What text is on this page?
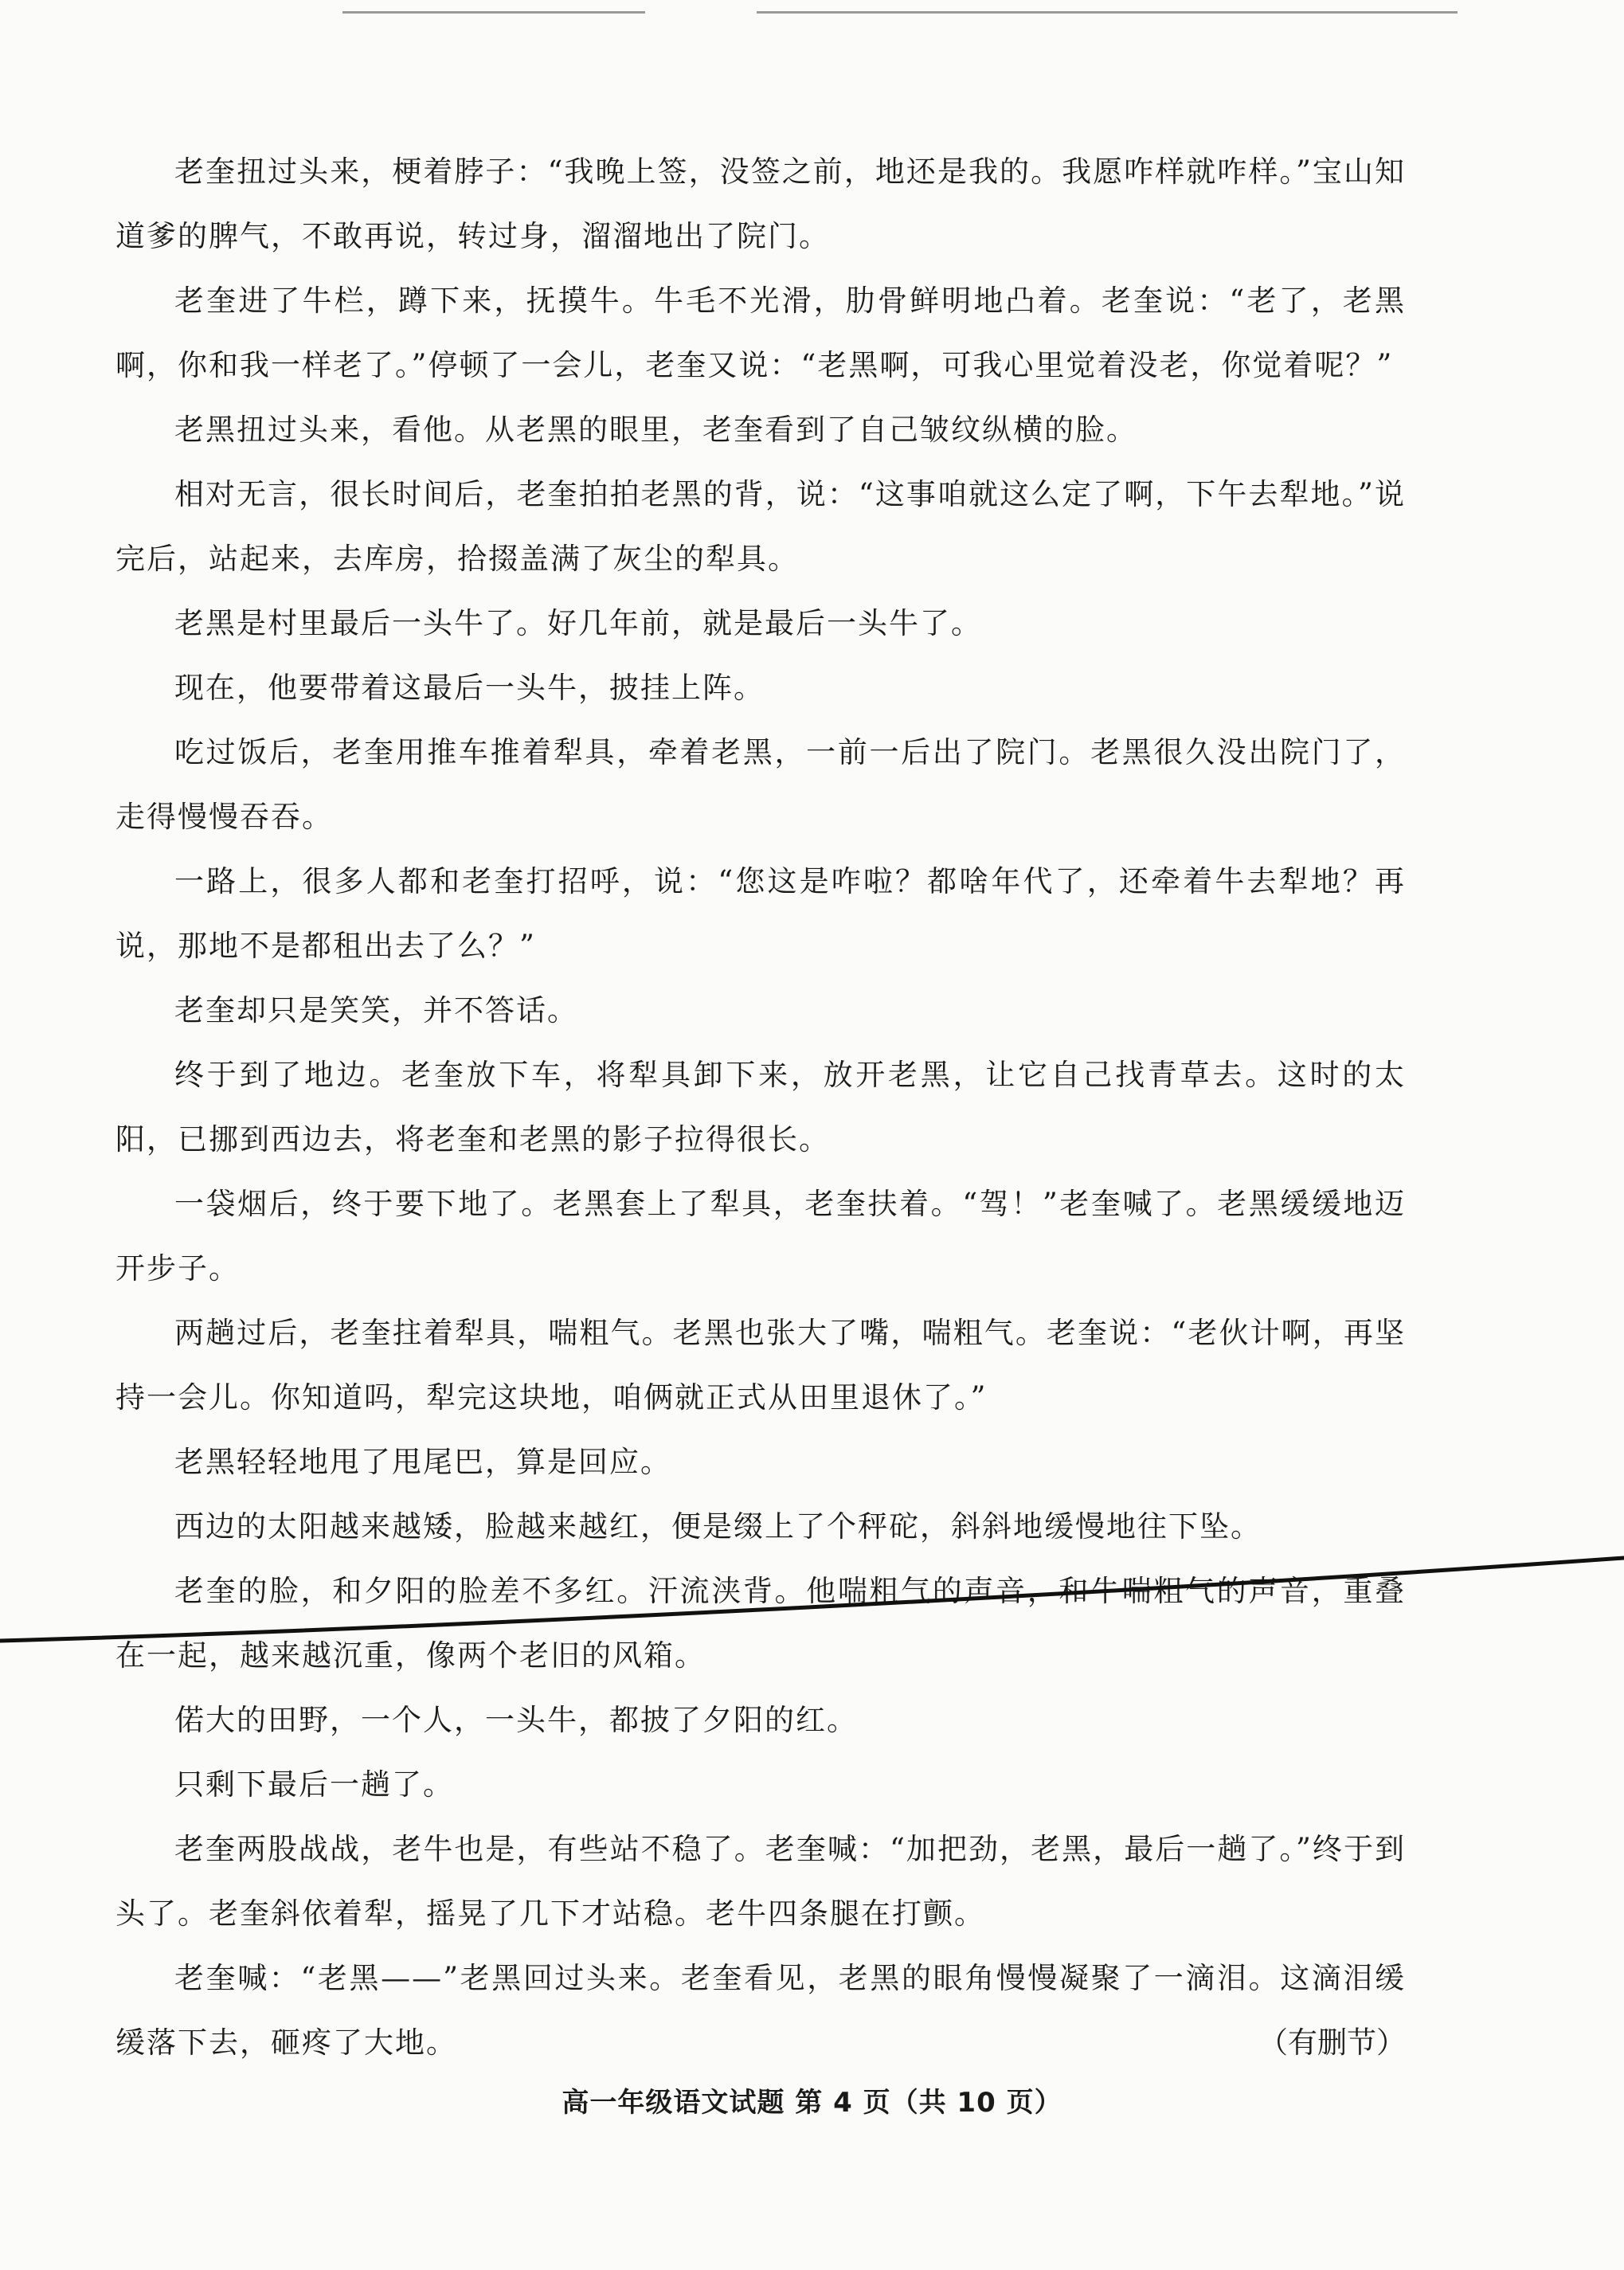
老奎扭过头来，梗着脖子：“我晚上签，没签之前，地还是我的。我愿咋样就咋样。”宝山知道爹的脾气，不敢再说，转过身，溜溜地出了院门。

老奎进了牛栏，蹲下来，抚摸牛。牛毛不光滑，肋骨鲜明地凸着。老奎说：“老了，老黑啊，你和我一样老了。”停顿了一会儿，老奎又说：“老黑啊，可我心里觉着没老，你觉着呢？”

老黑扭过头来，看他。从老黑的眼里，老奎看到了自己皱纹纵横的脸。

相对无言，很长时间后，老奎拍拍老黑的背，说：“这事咱就这么定了啊，下午去犁地。”说完后，站起来，去库房，拾掇盖满了灰尘的犁具。

老黑是村里最后一头牛了。好几年前，就是最后一头牛了。

现在，他要带着这最后一头牛，披挂上阵。

吃过饭后，老奎用推车推着犁具，牵着老黑，一前一后出了院门。老黑很久没出院门了，走得慢慢吞吞。

一路上，很多人都和老奎打招呼，说：“您这是咋啦？都啥年代了，还牵着牛去犁地？再说，那地不是都租出去了么？”

老奎却只是笑笑，并不答话。

终于到了地边。老奎放下车，将犁具卸下来，放开老黑，让它自己找青草去。这时的太阳，已挪到西边去，将老奎和老黑的影子拉得很长。

一袋烟后，终于要下地了。老黑套上了犁具，老奎扶着。“驾！”老奎喊了。老黑缓缓地迈开步子。

两趟过后，老奎拄着犁具，喘粗气。老黑也张大了嘴，喘粗气。老奎说：“老伙计啊，再坚持一会儿。你知道吗，犁完这块地，咱俩就正式从田里退休了。”

老黑轻轻地甩了甩尾巴，算是回应。

西边的太阳越来越矮，脸越来越红，便是缀上了个秤砣，斜斜地缓慢地往下坠。

老奎的脸，和夕阳的脸差不多红。汗流浃背。他喘粗气的声音，和牛喘粗气的声音，重叠在一起，越来越沉重，像两个老旧的风箱。

偌大的田野，一个人，一头牛，都披了夕阳的红。

只剩下最后一趟了。

老奎两股战战，老牛也是，有些站不稳了。老奎喊：“加把劲，老黑，最后一趟了。”终于到头了。老奎斜依着犁，摇晃了几下才站稳。老牛四条腿在打颤。

老奎喊：“老黑——”老黑回过头来。老奎看见，老黑的眼角慢慢凝聚了一滴泪。这滴泪缓缓落下去，砸疼了大地。	（有删节）
高一年级语文试题 第 4 页（共 10 页）
